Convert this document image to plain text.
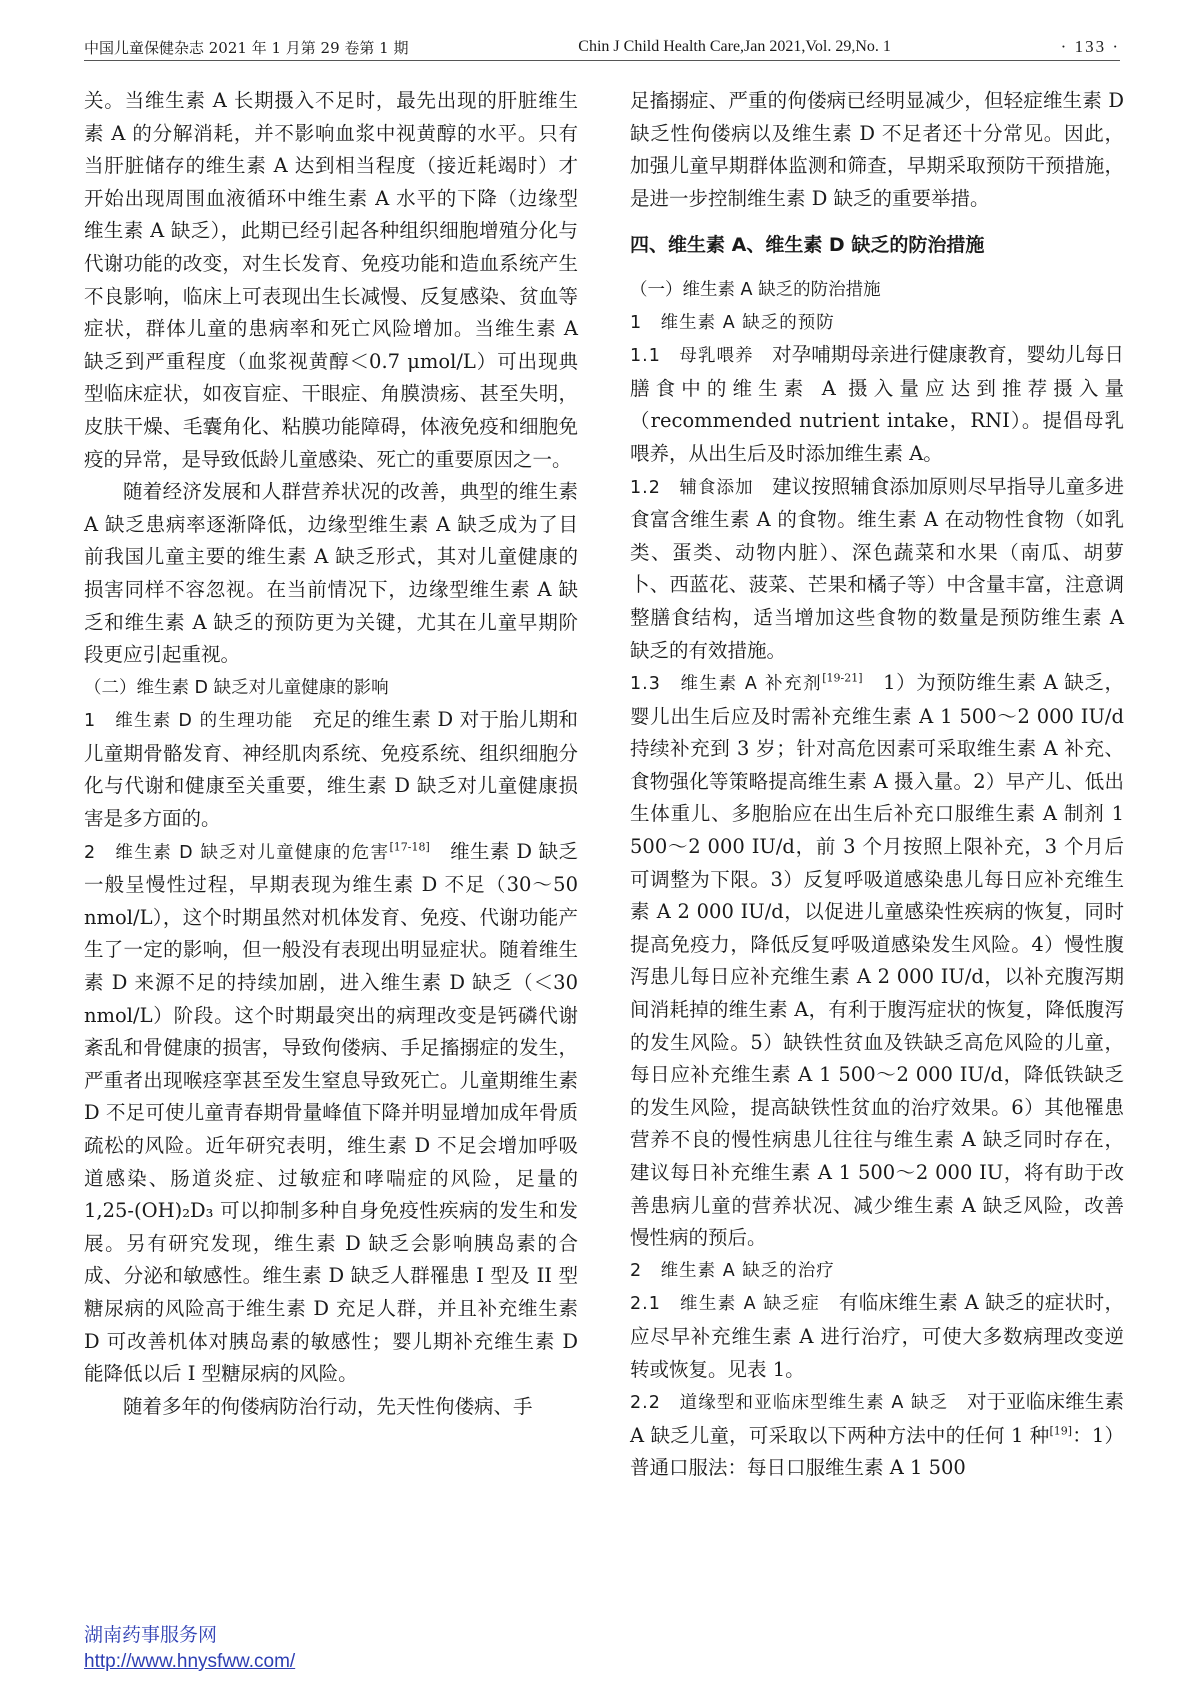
中国儿童保健杂志 2021 年 1 月第 29 卷第 1 期	Chin J Child Health Care,Jan 2021,Vol. 29,No. 1	· 133 ·

关。当维生素 A 长期摄入不足时，最先出现的肝脏维生素 A 的分解消耗，并不影响血浆中视黄醇的水平。只有当肝脏储存的维生素 A 达到相当程度（接近耗竭时）才开始出现周围血液循环中维生素 A 水平的下降（边缘型维生素 A 缺乏），此期已经引起各种组织细胞增殖分化与代谢功能的改变，对生长发育、免疫功能和造血系统产生不良影响，临床上可表现出生长减慢、反复感染、贫血等症状，群体儿童的患病率和死亡风险增加。当维生素 A 缺乏到严重程度（血浆视黄醇＜0.7 μmol/L）可出现典型临床症状，如夜盲症、干眼症、角膜溃疡、甚至失明，皮肤干燥、毛囊角化、粘膜功能障碍，体液免疫和细胞免疫的异常，是导致低龄儿童感染、死亡的重要原因之一。

随着经济发展和人群营养状况的改善，典型的维生素 A 缺乏患病率逐渐降低，边缘型维生素 A 缺乏成为了目前我国儿童主要的维生素 A 缺乏形式，其对儿童健康的损害同样不容忽视。在当前情况下，边缘型维生素 A 缺乏和维生素 A 缺乏的预防更为关键，尤其在儿童早期阶段更应引起重视。

（二）维生素 D 缺乏对儿童健康的影响

1　维生素 D 的生理功能　充足的维生素 D 对于胎儿期和儿童期骨骼发育、神经肌肉系统、免疫系统、组织细胞分化与代谢和健康至关重要，维生素 D 缺乏对儿童健康损害是多方面的。

2　维生素 D 缺乏对儿童健康的危害[17-18]　维生素 D 缺乏一般呈慢性过程，早期表现为维生素 D 不足（30～50 nmol/L），这个时期虽然对机体发育、免疫、代谢功能产生了一定的影响，但一般没有表现出明显症状。随着维生素 D 来源不足的持续加剧，进入维生素 D 缺乏（＜30 nmol/L）阶段。这个时期最突出的病理改变是钙磷代谢紊乱和骨健康的损害，导致佝偻病、手足搐搦症的发生，严重者出现喉痉挛甚至发生窒息导致死亡。儿童期维生素 D 不足可使儿童青春期骨量峰值下降并明显增加成年骨质疏松的风险。近年研究表明，维生素 D 不足会增加呼吸道感染、肠道炎症、过敏症和哮喘症的风险，足量的 1,25-(OH)₂D₃ 可以抑制多种自身免疫性疾病的发生和发展。另有研究发现，维生素 D 缺乏会影响胰岛素的合成、分泌和敏感性。维生素 D 缺乏人群罹患 I 型及 II 型糖尿病的风险高于维生素 D 充足人群，并且补充维生素 D 可改善机体对胰岛素的敏感性；婴儿期补充维生素 D 能降低以后 I 型糖尿病的风险。

随着多年的佝偻病防治行动，先天性佝偻病、手

足搐搦症、严重的佝偻病已经明显减少，但轻症维生素 D 缺乏性佝偻病以及维生素 D 不足者还十分常见。因此，加强儿童早期群体监测和筛查，早期采取预防干预措施，是进一步控制维生素 D 缺乏的重要举措。

四、维生素 A、维生素 D 缺乏的防治措施

（一）维生素 A 缺乏的防治措施

1　维生素 A 缺乏的预防

1.1　母乳喂养　对孕哺期母亲进行健康教育，婴幼儿每日膳食中的维生素 A 摄入量应达到推荐摄入量（recommended nutrient intake，RNI）。提倡母乳喂养，从出生后及时添加维生素 A。

1.2　辅食添加　建议按照辅食添加原则尽早指导儿童多进食富含维生素 A 的食物。维生素 A 在动物性食物（如乳类、蛋类、动物内脏）、深色蔬菜和水果（南瓜、胡萝卜、西蓝花、菠菜、芒果和橘子等）中含量丰富，注意调整膳食结构，适当增加这些食物的数量是预防维生素 A 缺乏的有效措施。

1.3　维生素 A 补充剂[19-21]　1）为预防维生素 A 缺乏，婴儿出生后应及时需补充维生素 A 1 500～2 000 IU/d 持续补充到 3 岁；针对高危因素可采取维生素 A 补充、食物强化等策略提高维生素 A 摄入量。2）早产儿、低出生体重儿、多胞胎应在出生后补充口服维生素 A 制剂 1 500～2 000 IU/d，前 3 个月按照上限补充，3 个月后可调整为下限。3）反复呼吸道感染患儿每日应补充维生素 A 2 000 IU/d，以促进儿童感染性疾病的恢复，同时提高免疫力，降低反复呼吸道感染发生风险。4）慢性腹泻患儿每日应补充维生素 A 2 000 IU/d，以补充腹泻期间消耗掉的维生素 A，有利于腹泻症状的恢复，降低腹泻的发生风险。5）缺铁性贫血及铁缺乏高危风险的儿童，每日应补充维生素 A 1 500～2 000 IU/d，降低铁缺乏的发生风险，提高缺铁性贫血的治疗效果。6）其他罹患营养不良的慢性病患儿往往与维生素 A 缺乏同时存在，建议每日补充维生素 A 1 500～2 000 IU，将有助于改善患病儿童的营养状况、减少维生素 A 缺乏风险，改善慢性病的预后。

2　维生素 A 缺乏的治疗

2.1　维生素 A 缺乏症　有临床维生素 A 缺乏的症状时，应尽早补充维生素 A 进行治疗，可使大多数病理改变逆转或恢复。见表 1。

2.2　道缘型和亚临床型维生素 A 缺乏　对于亚临床维生素 A 缺乏儿童，可采取以下两种方法中的任何 1 种[19]：1）普通口服法：每日口服维生素 A 1 500

湖南药事服务网
http://www.hnysfww.com/
